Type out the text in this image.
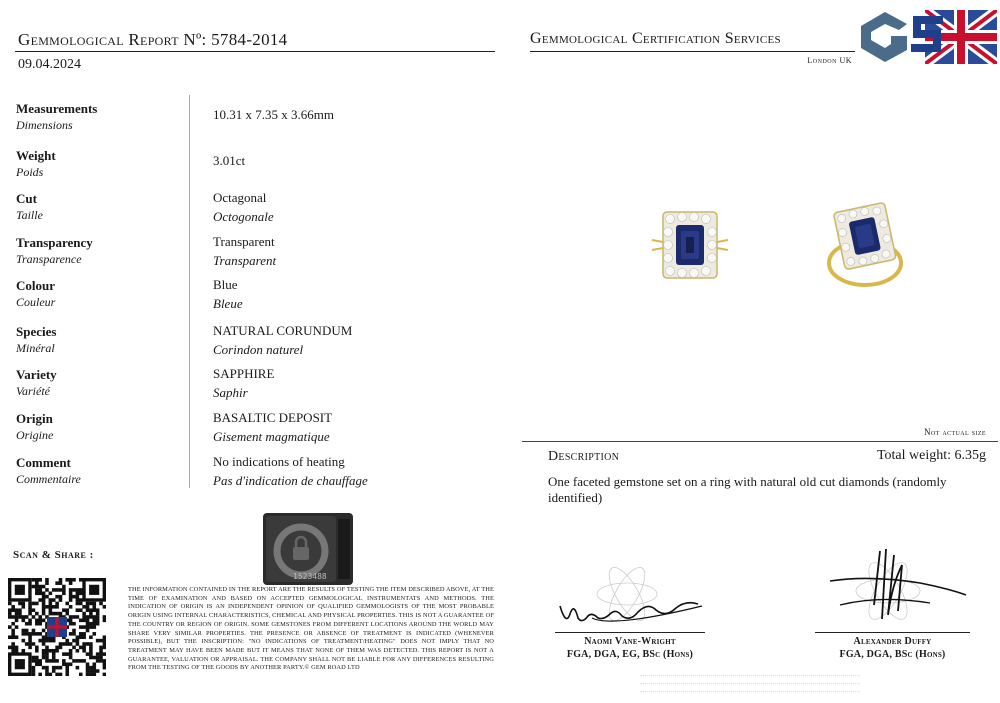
Gemmological Report Nº: 5784-2014
09.04.2024
Gemmological Certification Services
London UK
Measurements
Dimensions
10.31 x 7.35 x 3.66mm
Weight
Poids
3.01ct
Cut
Taille
Octagonal
Octogonale
Transparency
Transparence
Transparent
Transparent
Colour
Couleur
Blue
Bleue
Species
Minéral
NATURAL CORUNDUM
Corindon naturel
Variety
Variété
SAPPHIRE
Saphir
Origin
Origine
BASALTIC DEPOSIT
Gisement magmatique
Comment
Commentaire
No indications of heating
Pas d'indication de chauffage
Not actual size
Description	Total weight: 6.35g
One faceted gemstone set on a ring with natural old cut diamonds (randomly identified)
Scan & Share :
1523488
THE INFORMATION CONTAINED IN THE REPORT ARE THE RESULTS OF TESTING THE ITEM DESCRIBED ABOVE, AT THE TIME OF EXAMINATION AND BASED ON ACCEPTED GEMMOLOGICAL INSTRUMENTATS AND METHODS. THE INDICATION OF ORIGIN IS AN INDEPENDENT OPINION OF QUALIFIED GEMMOLOGISTS OF THE MOST PROBABLE ORIGIN USING INTERNAL CHARACTERISTICS, CHEMICAL AND PHYSICAL PROPERTIES. THIS IS NOT A GUARANTEE OF THE COUNTRY OR REGION OF ORIGIN. SOME GEMSTONES FROM DIFFERENT LOCATIONS AROUND THE WORLD MAY SHARE VERY SIMILAR PROPERTIES. THE PRESENCE OR ABSENCE OF TREATMENT IS INDICATED (WHENEVER POSSIBLE), BUT THE INSCRIPTION: "NO INDICATIONS OF TREATMENT/HEATING" DOES NOT IMPLY THAT NO TREATMENT MAY HAVE BEEN MADE BUT IT MEANS THAT NONE OF THEM WAS DETECTED. THIS REPORT IS NOT A GUARANTEE, VALUATION OR APPRAISAL. THE COMPANY SHALL NOT BE LIABLE FOR ANY DIFFERENCES RESULTING FROM THE TESTING OF THE GOODS BY ANOTHER PARTY.© GEM ROAD LTD
Naomi Vane-Wright
FGA, DGA, EG, BSc (Hons)
Alexander Duffy
FGA, DGA, BSc (Hons)
